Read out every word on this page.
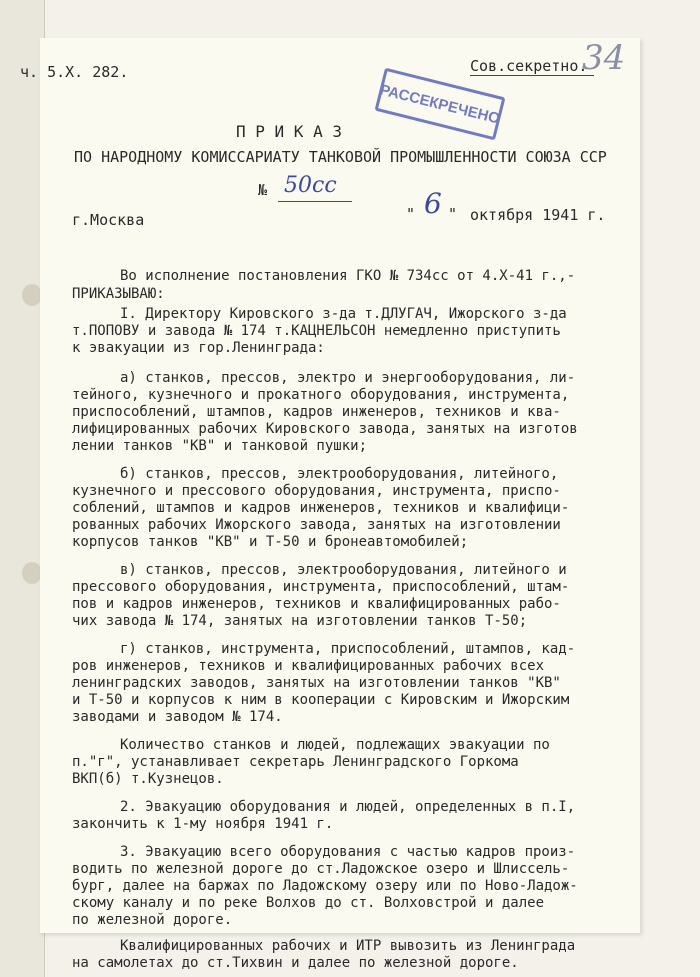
ч. 5.Х. 282.	Сов.секретно.
34
РАССЕКРЕЧЕНО
П Р И К А З
ПО НАРОДНОМУ КОМИССАРИАТУ ТАНКОВОЙ ПРОМЫШЛЕННОСТИ СОЮЗА ССР
№ 50сс
г.Москва	" 6 " октября 1941 г.
Во исполнение постановления ГКО № 734сс от 4.Х-41 г.,-
ПРИКАЗЫВАЮ:
I. Директору Кировского з-да т.ДЛУГАЧ, Ижорского з-да
т.ПОПОВУ и завода № 174 т.КАЦНЕЛЬСОН немедленно приступить
к эвакуации из гор.Ленинграда:
а) станков, прессов, электро и энергооборудования, ли-
тейного, кузнечного и прокатного оборудования, инструмента,
приспособлений, штампов, кадров инженеров, техников и ква-
лифицированных рабочих Кировского завода, занятых на изготов
лении танков "КВ" и танковой пушки;
б) станков, прессов, электрооборудования, литейного,
кузнечного и прессового оборудования, инструмента, приспо-
соблений, штампов и кадров инженеров, техников и квалифици-
рованных рабочих Ижорского завода, занятых на изготовлении
корпусов танков "КВ" и Т-50 и бронеавтомобилей;
в) станков, прессов, электрооборудования, литейного и
прессового оборудования, инструмента, приспособлений, штам-
пов и кадров инженеров, техников и квалифицированных рабо-
чих завода № 174, занятых на изготовлении танков Т-50;
г) станков, инструмента, приспособлений, штампов, кад-
ров инженеров, техников и квалифицированных рабочих всех
ленинградских заводов, занятых на изготовлении танков "КВ"
и Т-50 и корпусов к ним в кооперации с Кировским и Ижорским
заводами и заводом № 174.
Количество станков и людей, подлежащих эвакуации по
п."г", устанавливает секретарь Ленинградского Горкома
ВКП(б) т.Кузнецов.
2. Эвакуацию оборудования и людей, определенных в п.I,
закончить к 1-му ноября 1941 г.
3. Эвакуацию всего оборудования с частью кадров произ-
водить по железной дороге до ст.Ладожское озеро и Шлиссель-
бург, далее на баржах по Ладожскому озеру или по Ново-Ладож-
скому каналу и по реке Волхов до ст. Волховстрой и далее
по железной дороге.
Квалифицированных рабочих и ИТР вывозить из Ленинграда
на самолетах до ст.Тихвин и далее по железной дороге.
